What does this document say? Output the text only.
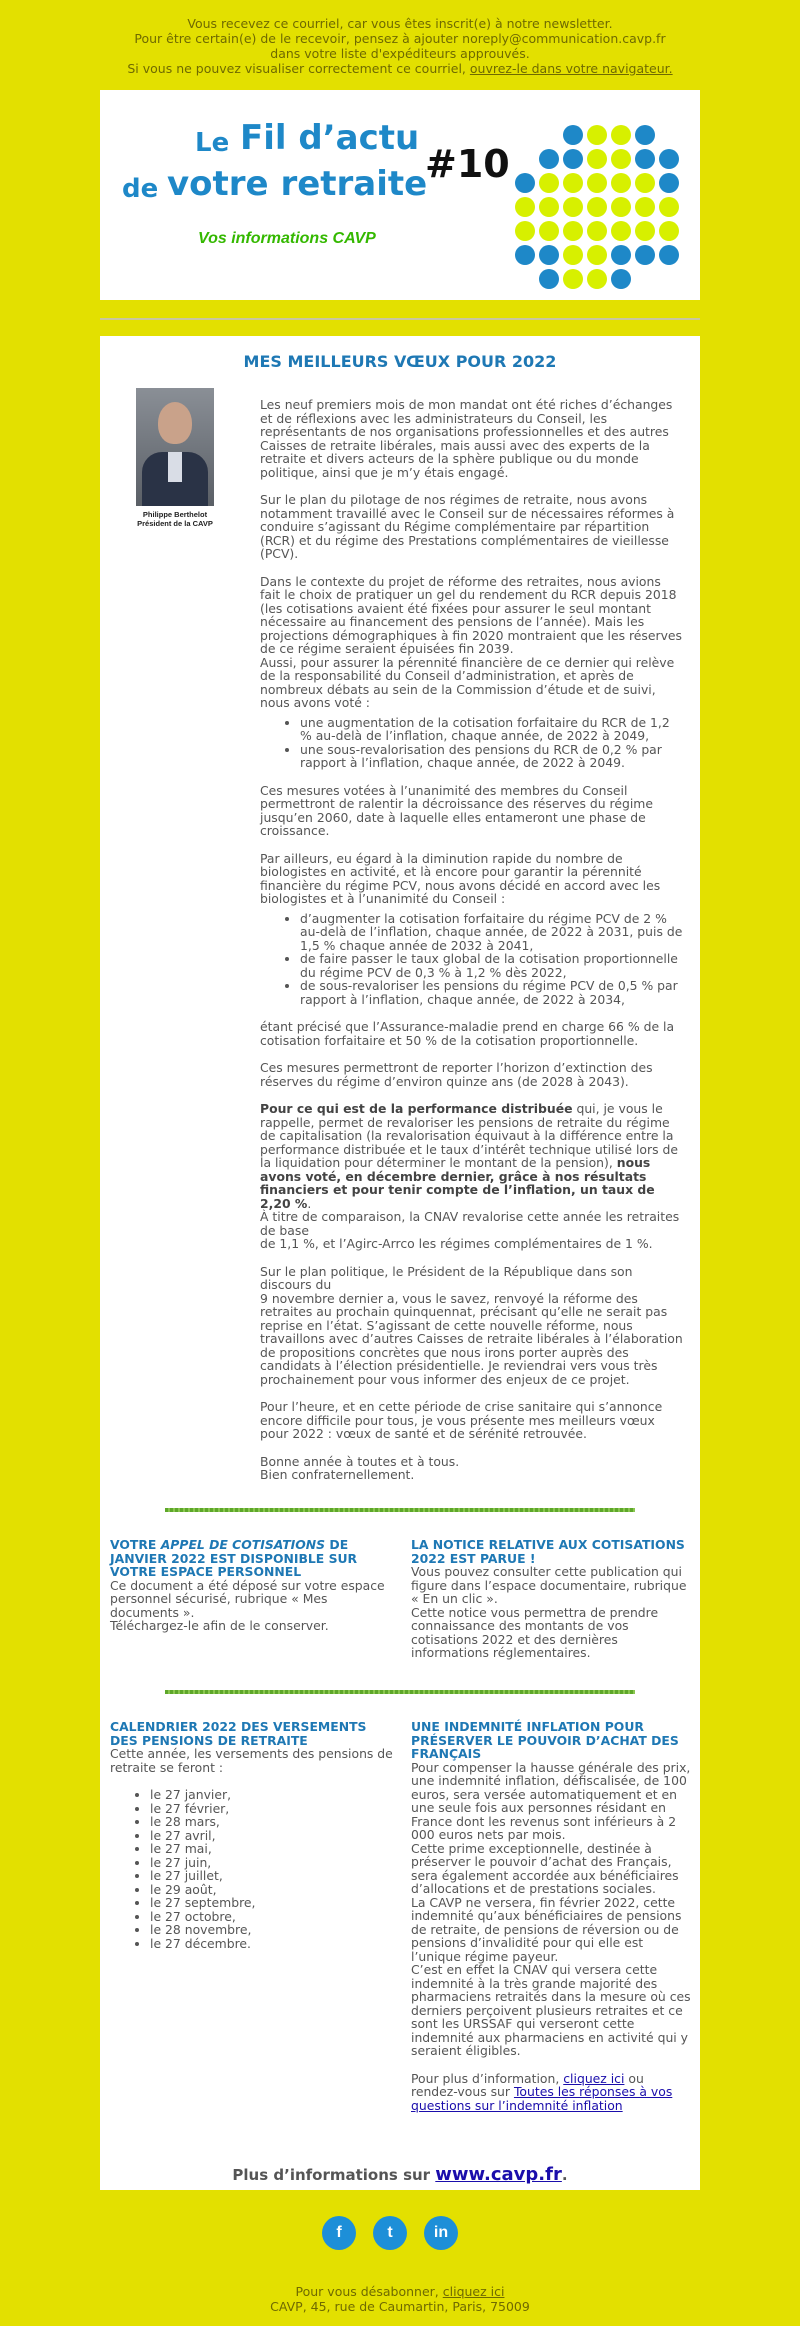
Vous recevez ce courriel, car vous êtes inscrit(e) à notre newsletter.
Pour être certain(e) de le recevoir, pensez à ajouter noreply@communication.cavp.fr
dans votre liste d'expéditeurs approuvés.
Si vous ne pouvez visualiser correctement ce courriel, ouvrez-le dans votre navigateur.
Le Fil d’actu
de votre retraite
#10
Vos informations CAVP
MES MEILLEURS VŒUX POUR 2022
Philippe Berthelot
Président de la CAVP

Les neuf premiers mois de mon mandat ont été riches d’échanges et de réflexions avec les administrateurs du Conseil, les représentants de nos organisations professionnelles et des autres Caisses de retraite libérales, mais aussi avec des experts de la retraite et divers acteurs de la sphère publique ou du monde politique, ainsi que je m’y étais engagé.

Sur le plan du pilotage de nos régimes de retraite, nous avons notamment travaillé avec le Conseil sur de nécessaires réformes à conduire s’agissant du Régime complémentaire par répartition (RCR) et du régime des Prestations complémentaires de vieillesse (PCV).

Dans le contexte du projet de réforme des retraites, nous avions fait le choix de pratiquer un gel du rendement du RCR depuis 2018 (les cotisations avaient été fixées pour assurer le seul montant nécessaire au financement des pensions de l’année). Mais les projections démographiques à fin 2020 montraient que les réserves de ce régime seraient épuisées fin 2039.

Aussi, pour assurer la pérennité financière de ce dernier qui relève de la responsabilité du Conseil d’administration, et après de nombreux débats au sein de la Commission d’étude et de suivi, nous avons voté :

• une augmentation de la cotisation forfaitaire du RCR de 1,2 % au-delà de l’inflation, chaque année, de 2022 à 2049,
• une sous-revalorisation des pensions du RCR de 0,2 % par rapport à l’inflation, chaque année, de 2022 à 2049.

Ces mesures votées à l’unanimité des membres du Conseil permettront de ralentir la décroissance des réserves du régime jusqu’en 2060, date à laquelle elles entameront une phase de croissance.

Par ailleurs, eu égard à la diminution rapide du nombre de biologistes en activité, et là encore pour garantir la pérennité financière du régime PCV, nous avons décidé en accord avec les biologistes et à l’unanimité du Conseil :

• d’augmenter la cotisation forfaitaire du régime PCV de 2 % au-delà de l’inflation, chaque année, de 2022 à 2031, puis de 1,5 % chaque année de 2032 à 2041,
• de faire passer le taux global de la cotisation proportionnelle du régime PCV de 0,3 % à 1,2 % dès 2022,
• de sous-revaloriser les pensions du régime PCV de 0,5 % par rapport à l’inflation, chaque année, de 2022 à 2034,

étant précisé que l’Assurance-maladie prend en charge 66 % de la cotisation forfaitaire et 50 % de la cotisation proportionnelle.

Ces mesures permettront de reporter l’horizon d’extinction des réserves du régime d’environ quinze ans (de 2028 à 2043).

Pour ce qui est de la performance distribuée qui, je vous le rappelle, permet de revaloriser les pensions de retraite du régime de capitalisation (la revalorisation équivaut à la différence entre la performance distribuée et le taux d’intérêt technique utilisé lors de la liquidation pour déterminer le montant de la pension), nous avons voté, en décembre dernier, grâce à nos résultats financiers et pour tenir compte de l’inflation, un taux de 2,20 %.

À titre de comparaison, la CNAV revalorise cette année les retraites de base

de 1,1 %, et l’Agirc-Arrco les régimes complémentaires de 1 %.

Sur le plan politique, le Président de la République dans son discours du

9 novembre dernier a, vous le savez, renvoyé la réforme des retraites au prochain quinquennat, précisant qu’elle ne serait pas reprise en l’état. S’agissant de cette nouvelle réforme, nous travaillons avec d’autres Caisses de retraite libérales à l’élaboration de propositions concrètes que nous irons porter auprès des candidats à l’élection présidentielle. Je reviendrai vers vous très prochainement pour vous informer des enjeux de ce projet.

Pour l’heure, et en cette période de crise sanitaire qui s’annonce encore difficile pour tous, je vous présente mes meilleurs vœux pour 2022 : vœux de santé et de sérénité retrouvée.

Bonne année à toutes et à tous.

Bien confraternellement.

VOTRE APPEL DE COTISATIONS DE JANVIER 2022 EST DISPONIBLE SUR VOTRE ESPACE PERSONNEL

Ce document a été déposé sur votre espace personnel sécurisé, rubrique « Mes documents ».

Téléchargez-le afin de le conserver.

LA NOTICE RELATIVE AUX COTISATIONS 2022 EST PARUE !

Vous pouvez consulter cette publication qui figure dans l’espace documentaire, rubrique « En un clic ».

Cette notice vous permettra de prendre connaissance des montants de vos cotisations 2022 et des dernières informations réglementaires.

CALENDRIER 2022 DES VERSEMENTS DES PENSIONS DE RETRAITE

Cette année, les versements des pensions de retraite se feront :

• le 27 janvier,
• le 27 février,
• le 28 mars,
• le 27 avril,
• le 27 mai,
• le 27 juin,
• le 27 juillet,
• le 29 août,
• le 27 septembre,
• le 27 octobre,
• le 28 novembre,
• le 27 décembre.
UNE INDEMNITÉ INFLATION POUR PRÉSERVER LE POUVOIR D’ACHAT DES FRANÇAIS

Pour compenser la hausse générale des prix, une indemnité inflation, défiscalisée, de 100 euros, sera versée automatiquement et en une seule fois aux personnes résidant en France dont les revenus sont inférieurs à 2 000 euros nets par mois.

Cette prime exceptionnelle, destinée à préserver le pouvoir d’achat des Français, sera également accordée aux bénéficiaires d’allocations et de prestations sociales.

La CAVP ne versera, fin février 2022, cette indemnité qu’aux bénéficiaires de pensions de retraite, de pensions de réversion ou de pensions d’invalidité pour qui elle est l’unique régime payeur.

C’est en effet la CNAV qui versera cette indemnité à la très grande majorité des pharmaciens retraités dans la mesure où ces derniers perçoivent plusieurs retraites et ce sont les URSSAF qui verseront cette indemnité aux pharmaciens en activité qui y seraient éligibles.

Pour plus d’information, cliquez ici ou rendez-vous sur Toutes les réponses à vos questions sur l’indemnité inflation

Plus d’informations sur www.cavp.fr.
f	t	in
Pour vous désabonner, cliquez ici
CAVP, 45, rue de Caumartin, Paris, 75009
